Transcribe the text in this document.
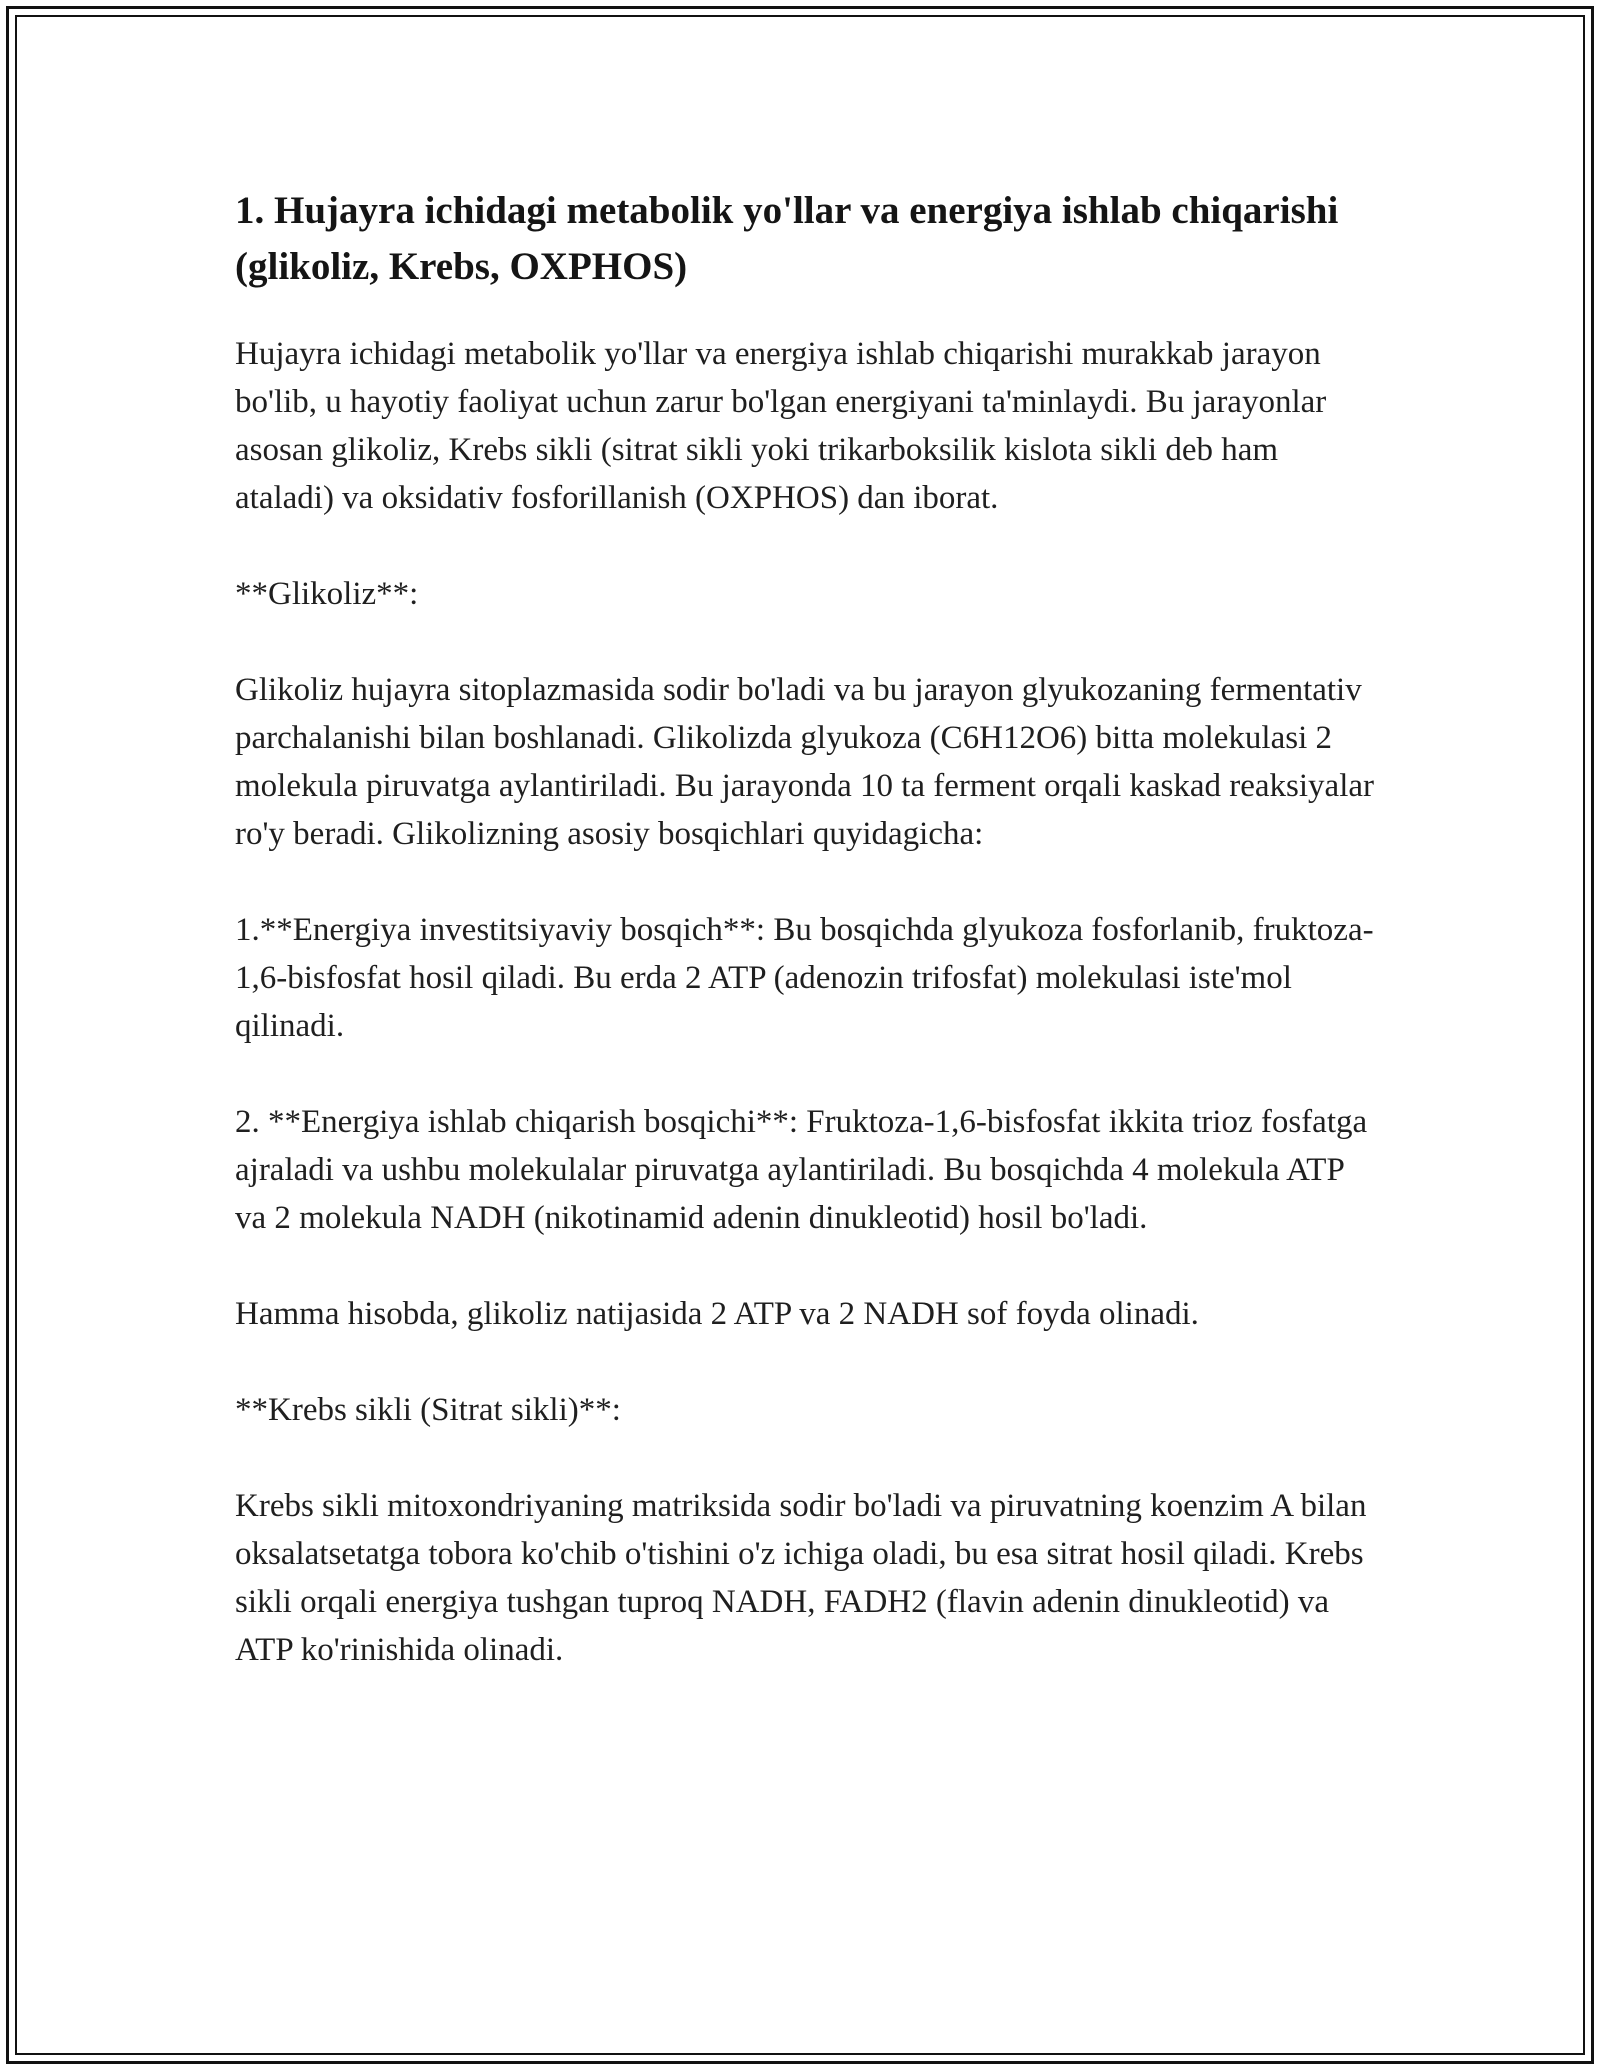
1. Hujayra ichidagi metabolik yo'llar va energiya ishlab chiqarishi (glikoliz, Krebs, OXPHOS)

Hujayra ichidagi metabolik yo'llar va energiya ishlab chiqarishi murakkab jarayon bo'lib, u hayotiy faoliyat uchun zarur bo'lgan energiyani ta'minlaydi. Bu jarayonlar asosan glikoliz, Krebs sikli (sitrat sikli yoki trikarboksilik kislota sikli deb ham ataladi) va oksidativ fosforillanish (OXPHOS) dan iborat.

**Glikoliz**:

Glikoliz hujayra sitoplazmasida sodir bo'ladi va bu jarayon glyukozaning fermentativ parchalanishi bilan boshlanadi. Glikolizda glyukoza (C6H12O6) bitta molekulasi 2 molekula piruvatga aylantiriladi. Bu jarayonda 10 ta ferment orqali kaskad reaksiyalar ro'y beradi. Glikolizning asosiy bosqichlari quyidagicha:

1.**Energiya investitsiyaviy bosqich**: Bu bosqichda glyukoza fosforlanib, fruktoza-1,6-bisfosfat hosil qiladi. Bu erda 2 ATP (adenozin trifosfat) molekulasi iste'mol qilinadi.

2. **Energiya ishlab chiqarish bosqichi**: Fruktoza-1,6-bisfosfat ikkita trioz fosfatga ajraladi va ushbu molekulalar piruvatga aylantiriladi. Bu bosqichda 4 molekula ATP va 2 molekula NADH (nikotinamid adenin dinukleotid) hosil bo'ladi.

Hamma hisobda, glikoliz natijasida 2 ATP va 2 NADH sof foyda olinadi.

**Krebs sikli (Sitrat sikli)**:

Krebs sikli mitoxondriyaning matriksida sodir bo'ladi va piruvatning koenzim A bilan oksalatsetatga tobora ko'chib o'tishini o'z ichiga oladi, bu esa sitrat hosil qiladi. Krebs sikli orqali energiya tushgan tuproq NADH, FADH2 (flavin adenin dinukleotid) va ATP ko'rinishida olinadi.
